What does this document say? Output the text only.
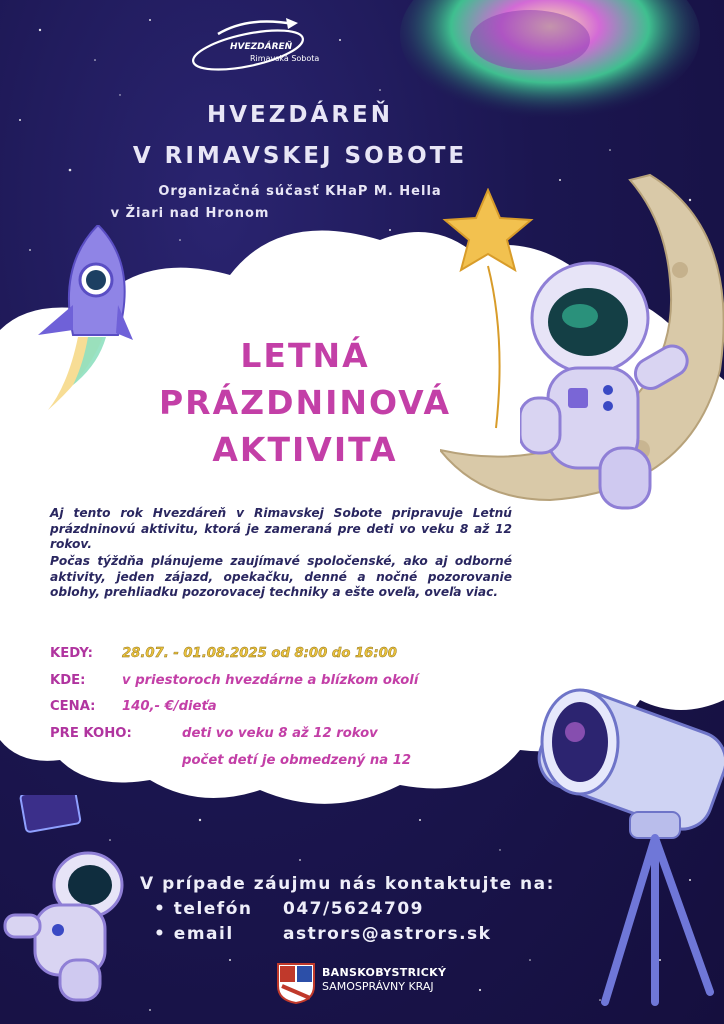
HVEZDÁREŇ
Rimavská Sobota
HVEZDÁREŇ
V RIMAVSKEJ SOBOTE
Organizačná súčasť KHaP M. Hella
v Žiari nad Hronom
LETNÁ
PRÁZDNINOVÁ
AKTIVITA
Aj tento rok Hvezdáreň v Rimavskej Sobote pripravuje Letnú prázdninovú aktivitu, ktorá je zameraná pre deti vo veku 8 až 12 rokov.
Počas týždňa plánujeme zaujímavé spoločenské, ako aj odborné aktivity, jeden zájazd, opekačku, denné a nočné pozorovanie oblohy, prehliadku pozorovacej techniky a ešte oveľa, oveľa viac.
KEDY: 28.07. - 01.08.2025 od 8:00 do 16:00
KDE:	v priestoroch hvezdárne a blízkom okolí
CENA: 140,- €/dieťa
PRE KOHO:	deti vo veku 8 až 12 rokov
počet detí je obmedzený na 12
V prípade záujmu nás kontaktujte na:
• telefón 047/5624709
• email	astrors@astrors.sk
BANSKOBYSTRICKÝ
SAMOSPRÁVNY KRAJ
